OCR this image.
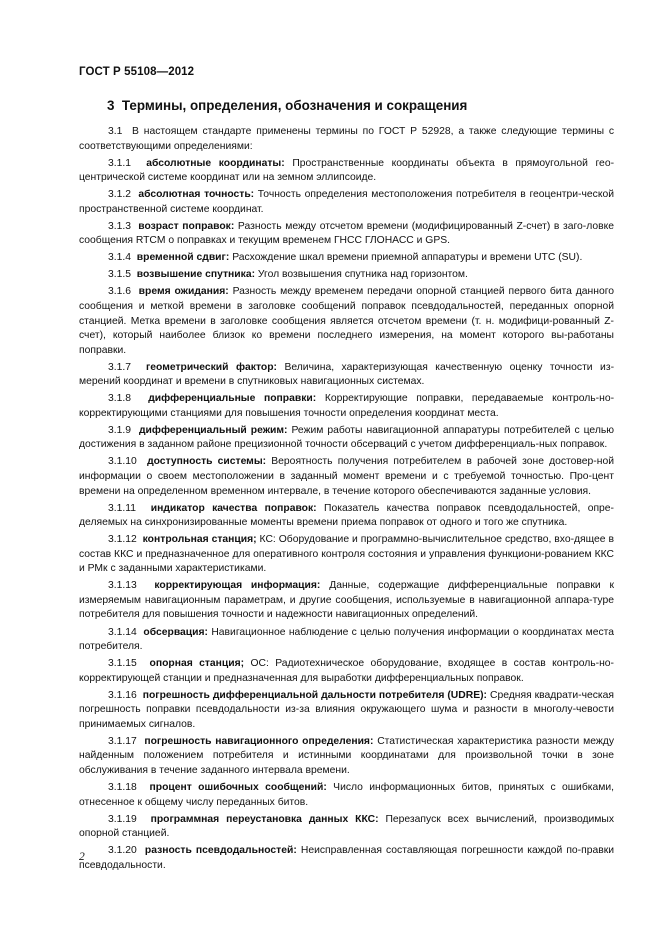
ГОСТ Р 55108—2012
3 Термины, определения, обозначения и сокращения

3.1 В настоящем стандарте применены термины по ГОСТ Р 52928, а также следующие термины с соответствующими определениями:

3.1.1 абсолютные координаты: Пространственные координаты объекта в прямоугольной гео-центрической системе координат или на земном эллипсоиде.

3.1.2 абсолютная точность: Точность определения местоположения потребителя в геоцентри-ческой пространственной системе координат.

3.1.3 возраст поправок: Разность между отсчетом времени (модифицированный Z-счет) в заго-ловке сообщения RTCM о поправках и текущим временем ГНСС ГЛОНАСС и GPS.

3.1.4 временной сдвиг: Расхождение шкал времени приемной аппаратуры и времени UTC (SU).

3.1.5 возвышение спутника: Угол возвышения спутника над горизонтом.

3.1.6 время ожидания: Разность между временем передачи опорной станцией первого бита данного сообщения и меткой времени в заголовке сообщений поправок псевдодальностей, переданных опорной станцией. Метка времени в заголовке сообщения является отсчетом времени (т. н. модифици-рованный Z-счет), который наиболее близок ко времени последнего измерения, на момент которого вы-работаны поправки.

3.1.7 геометрический фактор: Величина, характеризующая качественную оценку точности из-мерений координат и времени в спутниковых навигационных системах.

3.1.8 дифференциальные поправки: Корректирующие поправки, передаваемые контроль-но-корректирующими станциями для повышения точности определения координат места.

3.1.9 дифференциальный режим: Режим работы навигационной аппаратуры потребителей с целью достижения в заданном районе прецизионной точности обсерваций с учетом дифференциаль-ных поправок.

3.1.10 доступность системы: Вероятность получения потребителем в рабочей зоне достовер-ной информации о своем местоположении в заданный момент времени и с требуемой точностью. Про-цент времени на определенном временном интервале, в течение которого обеспечиваются заданные условия.

3.1.11 индикатор качества поправок: Показатель качества поправок псевдодальностей, опре-деляемых на синхронизированные моменты времени приема поправок от одного и того же спутника.

3.1.12 контрольная станция; КС: Оборудование и программно-вычислительное средство, вхо-дящее в состав ККС и предназначенное для оперативного контроля состояния и управления функциони-рованием ККС и РМк с заданными характеристиками.

3.1.13 корректирующая информация: Данные, содержащие дифференциальные поправки к измеряемым навигационным параметрам, и другие сообщения, используемые в навигационной аппара-туре потребителя для повышения точности и надежности навигационных определений.

3.1.14 обсервация: Навигационное наблюдение с целью получения информации о координатах места потребителя.

3.1.15 опорная станция; ОС: Радиотехническое оборудование, входящее в состав контроль-но-корректирующей станции и предназначенная для выработки дифференциальных поправок.

3.1.16 погрешность дифференциальной дальности потребителя (UDRE): Средняя квадрати-ческая погрешность поправки псевдодальности из-за влияния окружающего шума и разности в многолу-чевости принимаемых сигналов.

3.1.17 погрешность навигационного определения: Статистическая характеристика разности между найденным положением потребителя и истинными координатами для произвольной точки в зоне обслуживания в течение заданного интервала времени.

3.1.18 процент ошибочных сообщений: Число информационных битов, принятых с ошибками, отнесенное к общему числу переданных битов.

3.1.19 программная переустановка данных ККС: Перезапуск всех вычислений, производимых опорной станцией.

3.1.20 разность псевдодальностей: Неисправленная составляющая погрешности каждой по-правки псевдодальности.

2
